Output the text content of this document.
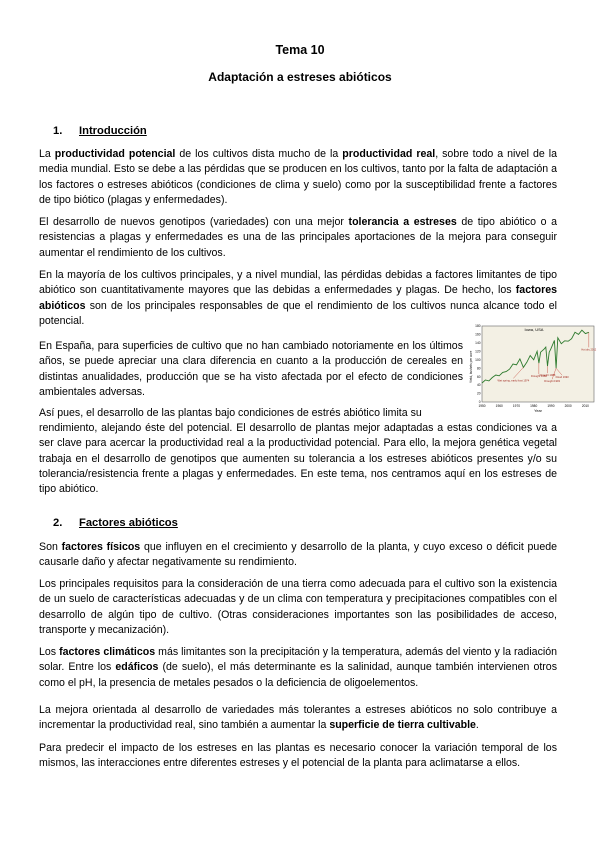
Tema 10
Adaptación a estreses abióticos
1. Introducción

La productividad potencial de los cultivos dista mucho de la productividad real, sobre todo a nivel de la media mundial. Esto se debe a las pérdidas que se producen en los cultivos, tanto por la falta de adaptación a los factores o estreses abióticos (condiciones de clima y suelo) como por la susceptibilidad frente a factores de tipo biótico (plagas y enfermedades).

El desarrollo de nuevos genotipos (variedades) con una mejor tolerancia a estreses de tipo abiótico o a resistencias a plagas y enfermedades es una de las principales aportaciones de la mejora para conseguir aumentar el rendimiento de los cultivos.

En la mayoría de los cultivos principales, y a nivel mundial, las pérdidas debidas a factores limitantes de tipo abiótico son cuantitativamente mayores que las debidas a enfermedades y plagas. De hecho, los factores abióticos son de los principales responsables de que el rendimiento de los cultivos nunca alcance todo el potencial.

En España, para superficies de cultivo que no han cambiado notoriamente en los últimos años, se puede apreciar una clara diferencia en cuanto a la producción de cereales en distintas anualidades, producción que se ha visto afectada por el efecto de condiciones ambientales adversas.

Así pues, el desarrollo de las plantas bajo condiciones de estrés abiótico limita su

rendimiento, alejando éste del potencial. El desarrollo de plantas mejor adaptadas a estas condiciones va a ser clave para acercar la productividad real a la productividad potencial. Para ello, la mejora genética vegetal trabaja en el desarrollo de genotipos que aumenten su tolerancia a los estreses abióticos presentes y/o su tolerancia/resistencia frente a plagas y enfermedades. En este tema, nos centramos aquí en los estreses de tipo abiótico.

2. Factores abióticos

Son factores físicos que influyen en el crecimiento y desarrollo de la planta, y cuyo exceso o déficit puede causarle daño y afectar negativamente su rendimiento.

Los principales requisitos para la consideración de una tierra como adecuada para el cultivo son la existencia de un suelo de características adecuadas y de un clima con temperatura y precipitaciones compatibles con el desarrollo de algún tipo de cultivo. (Otras consideraciones importantes son las posibilidades de acceso, transporte y mecanización).

Los factores climáticos más limitantes son la precipitación y la temperatura, además del viento y la radiación solar. Entre los edáficos (de suelo), el más determinante es la salinidad, aunque también intervienen otros como el pH, la presencia de metales pesados o la deficiencia de oligoelementos.

La mejora orientada al desarrollo de variedades más tolerantes a estreses abióticos no solo contribuye a incrementar la productividad real, sino también a aumentar la superficie de tierra cultivable.

Para predecir el impacto de los estreses en las plantas es necesario conocer la variación temporal de los mismos, las interacciones entre diferentes estreses y el potencial de la planta para aclimatarse a ellos.

Iowa, USA
Year
Yield, bushels per acre
1950	1960	1970	1980	1990	2000	2010
0
20
40
60
80
100
120
140
160
180
Drought 1983
Drought 1988
Drought 1993
Flood 1993
Wet spring, early frost 1974
Hot dry 2012
